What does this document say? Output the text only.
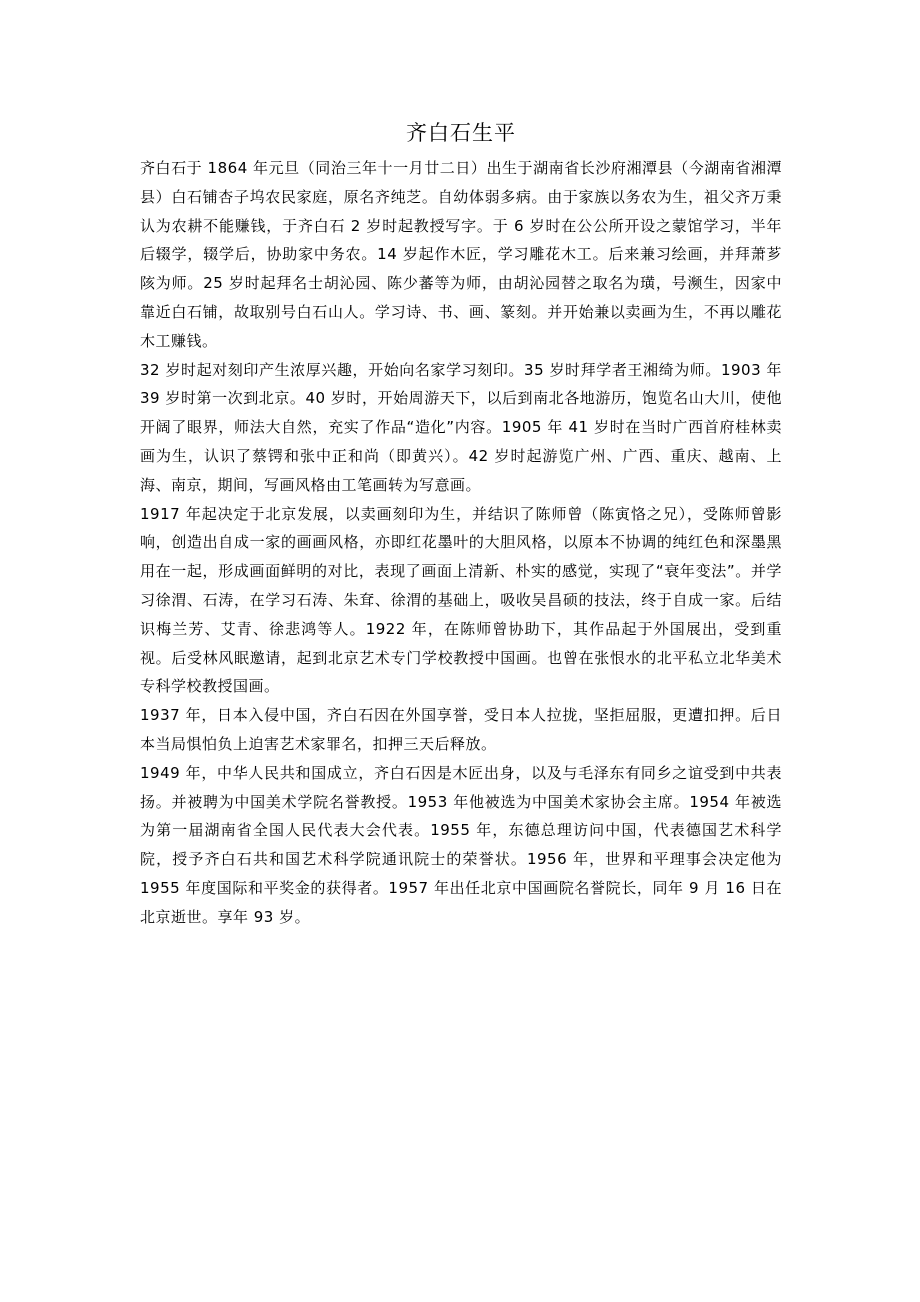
齐白石生平

齐白石于 1864 年元旦（同治三年十一月廿二日）出生于湖南省长沙府湘潭县（今湖南省湘潭县）白石铺杏子坞农民家庭，原名齐纯芝。自幼体弱多病。由于家族以务农为生，祖父齐万秉认为农耕不能赚钱，于齐白石 2 岁时起教授写字。于 6 岁时在公公所开设之蒙馆学习，半年后辍学，辍学后，协助家中务农。14 岁起作木匠，学习雕花木工。后来兼习绘画，并拜萧芗陔为师。25 岁时起拜名士胡沁园、陈少蕃等为师，由胡沁园替之取名为璜，号濒生，因家中靠近白石铺，故取别号白石山人。学习诗、书、画、篆刻。并开始兼以卖画为生，不再以雕花木工赚钱。

32 岁时起对刻印产生浓厚兴趣，开始向名家学习刻印。35 岁时拜学者王湘绮为师。1903 年 39 岁时第一次到北京。40 岁时，开始周游天下，以后到南北各地游历，饱览名山大川，使他开阔了眼界，师法大自然，充实了作品“造化”内容。1905 年 41 岁时在当时广西首府桂林卖画为生，认识了蔡锷和张中正和尚（即黄兴）。42 岁时起游览广州、广西、重庆、越南、上海、南京，期间，写画风格由工笔画转为写意画。

1917 年起决定于北京发展，以卖画刻印为生，并结识了陈师曾（陈寅恪之兄），受陈师曾影响，创造出自成一家的画画风格，亦即红花墨叶的大胆风格，以原本不协调的纯红色和深墨黑用在一起，形成画面鲜明的对比，表现了画面上清新、朴实的感觉，实现了“衰年变法”。并学习徐渭、石涛，在学习石涛、朱耷、徐渭的基础上，吸收吴昌硕的技法，终于自成一家。后结识梅兰芳、艾青、徐悲鸿等人。1922 年，在陈师曾协助下，其作品起于外国展出，受到重视。后受林风眠邀请，起到北京艺术专门学校教授中国画。也曾在张恨水的北平私立北华美术专科学校教授国画。

1937 年，日本入侵中国，齐白石因在外国享誉，受日本人拉拢，坚拒屈服，更遭扣押。后日本当局惧怕负上迫害艺术家罪名，扣押三天后释放。

1949 年，中华人民共和国成立，齐白石因是木匠出身，以及与毛泽东有同乡之谊受到中共表扬。并被聘为中国美术学院名誉教授。1953 年他被选为中国美术家协会主席。1954 年被选为第一届湖南省全国人民代表大会代表。1955 年，东德总理访问中国，代表德国艺术科学院，授予齐白石共和国艺术科学院通讯院士的荣誉状。1956 年，世界和平理事会决定他为 1955 年度国际和平奖金的获得者。1957 年出任北京中国画院名誉院长，同年 9 月 16 日在北京逝世。享年 93 岁。
